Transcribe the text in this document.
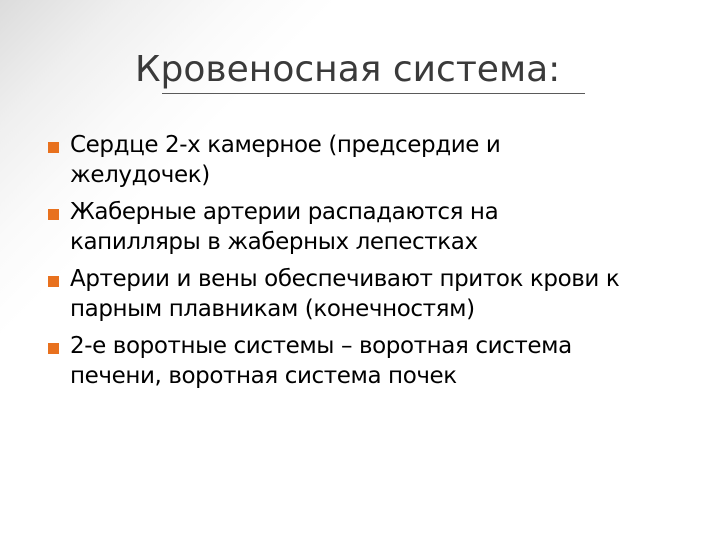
Кровеносная система:
Сердце 2-х камерное (предсердие и
желудочек)
Жаберные артерии распадаются на
капилляры в жаберных лепестках
Артерии и вены обеспечивают приток крови к
парным плавникам (конечностям)
2-е воротные системы – воротная система
печени, воротная система почек
